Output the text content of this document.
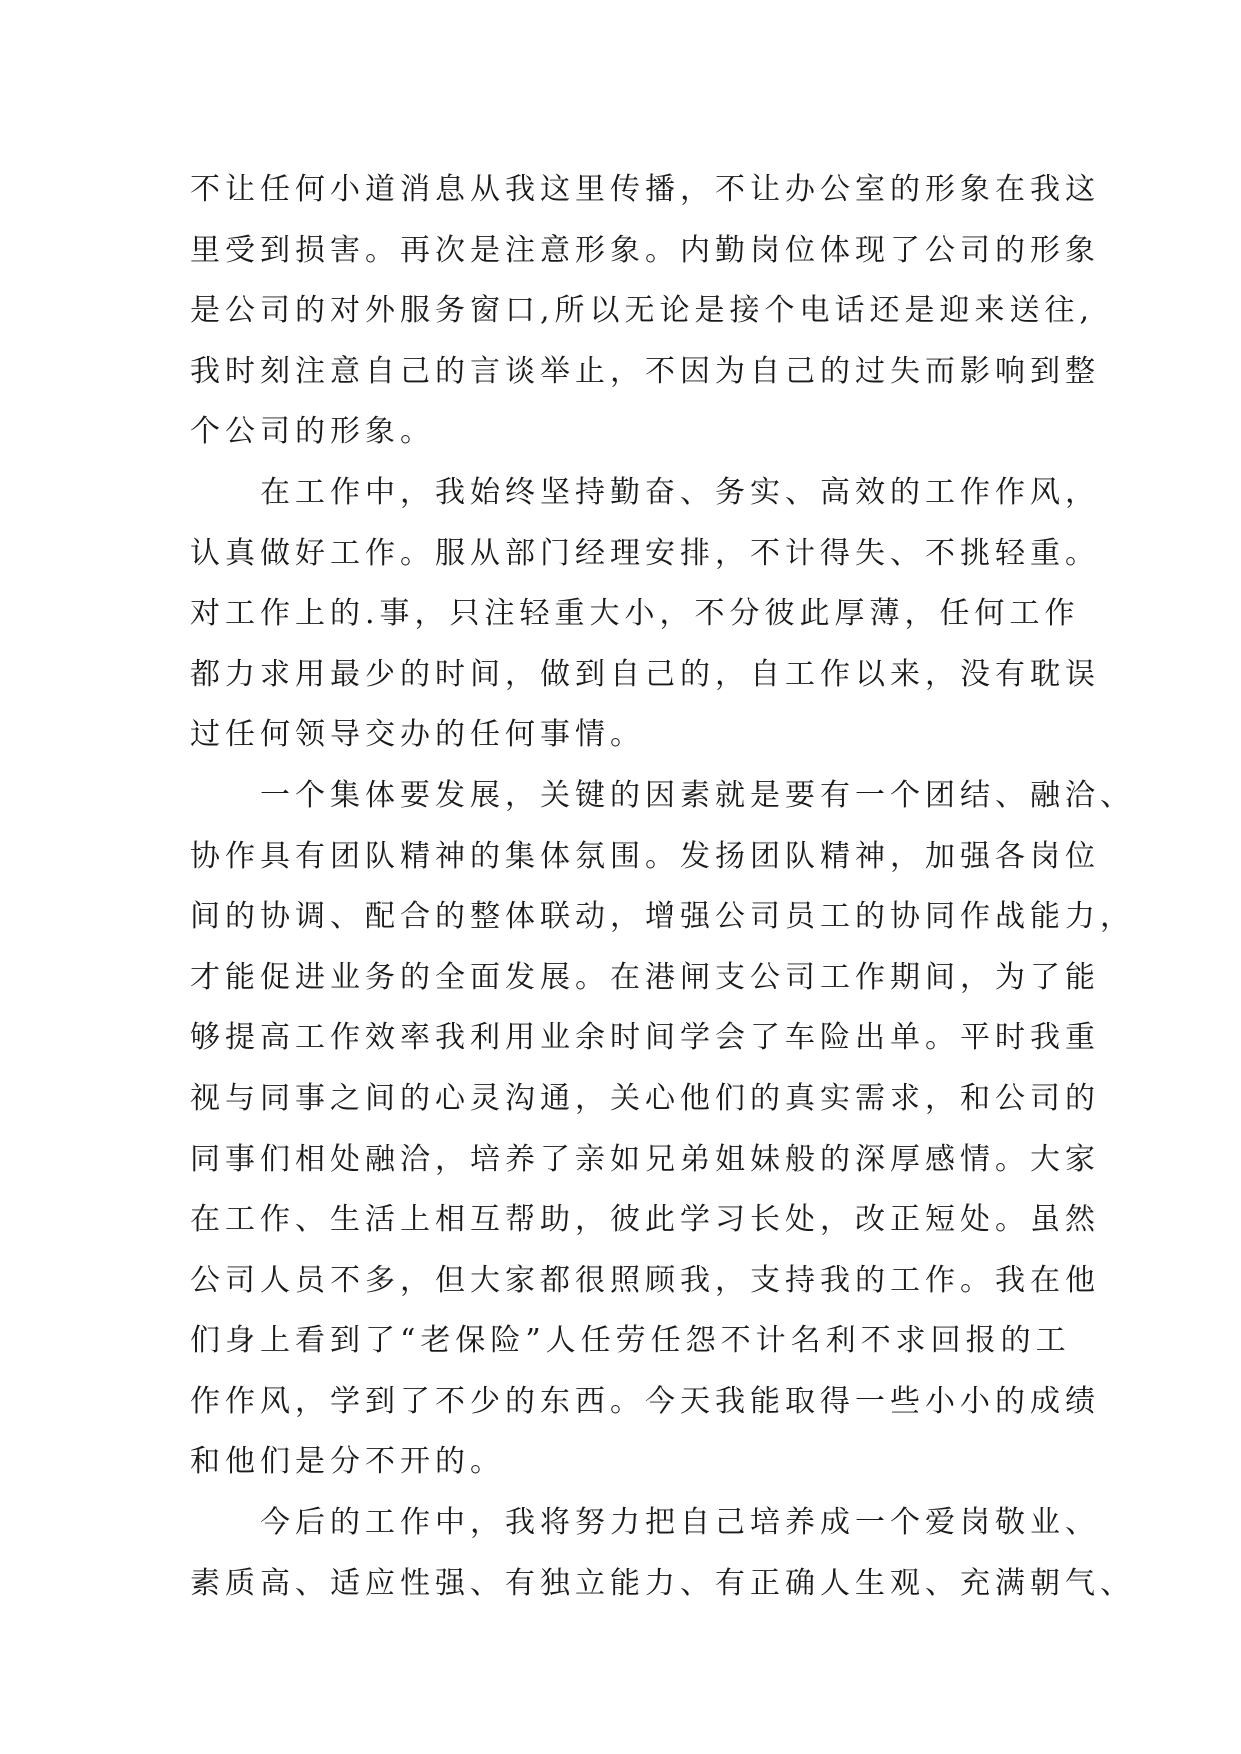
不让任何小道消息从我这里传播，不让办公室的形象在我这
里受到损害。再次是注意形象。内勤岗位体现了公司的形象
是公司的对外服务窗口,所以无论是接个电话还是迎来送往,
我时刻注意自己的言谈举止，不因为自己的过失而影响到整
个公司的形象。
　　在工作中，我始终坚持勤奋、务实、高效的工作作风，
认真做好工作。服从部门经理安排，不计得失、不挑轻重。
对工作上的.事，只注轻重大小，不分彼此厚薄，任何工作
都力求用最少的时间，做到自己的，自工作以来，没有耽误
过任何领导交办的任何事情。
　　一个集体要发展，关键的因素就是要有一个团结、融洽、
协作具有团队精神的集体氛围。发扬团队精神，加强各岗位
间的协调、配合的整体联动，增强公司员工的协同作战能力，
才能促进业务的全面发展。在港闸支公司工作期间，为了能
够提高工作效率我利用业余时间学会了车险出单。平时我重
视与同事之间的心灵沟通，关心他们的真实需求，和公司的
同事们相处融洽，培养了亲如兄弟姐妹般的深厚感情。大家
在工作、生活上相互帮助，彼此学习长处，改正短处。虽然
公司人员不多，但大家都很照顾我，支持我的工作。我在他
们身上看到了“老保险”人任劳任怨不计名利不求回报的工
作作风，学到了不少的东西。今天我能取得一些小小的成绩
和他们是分不开的。
　　今后的工作中，我将努力把自己培养成一个爱岗敬业、
素质高、适应性强、有独立能力、有正确人生观、充满朝气、
